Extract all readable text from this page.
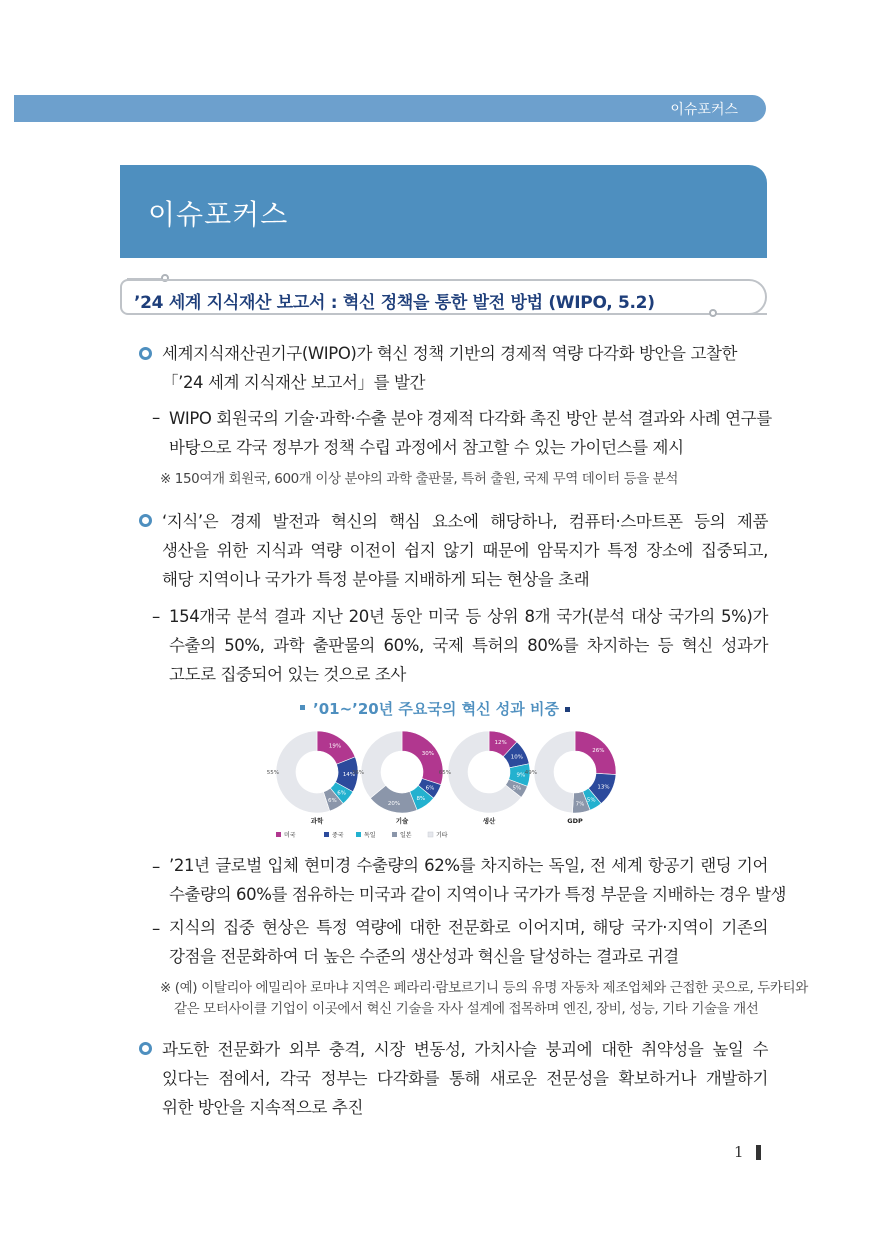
이슈포커스
이슈포커스
’24 세계 지식재산 보고서 : 혁신 정책을 통한 발전 방법 (WIPO, 5.2)
세계지식재산권기구(WIPO)가 혁신 정책 기반의 경제적 역량 다각화 방안을 고찰한
「’24 세계 지식재산 보고서」를 발간
– WIPO 회원국의 기술·과학·수출 분야 경제적 다각화 촉진 방안 분석 결과와 사례 연구를
바탕으로 각국 정부가 정책 수립 과정에서 참고할 수 있는 가이던스를 제시
※ 150여개 회원국, 600개 이상 분야의 과학 출판물, 특허 출원, 국제 무역 데이터 등을 분석
‘지식’은 경제 발전과 혁신의 핵심 요소에 해당하나, 컴퓨터·스마트폰 등의 제품
생산을 위한 지식과 역량 이전이 쉽지 않기 때문에 암묵지가 특정 장소에 집중되고,
해당 지역이나 국가가 특정 분야를 지배하게 되는 현상을 초래
– 154개국 분석 결과 지난 20년 동안 미국 등 상위 8개 국가(분석 대상 국가의 5%)가
수출의 50%, 과학 출판물의 60%, 국제 특허의 80%를 차지하는 등 혁신 성과가
고도로 집중되어 있는 것으로 조사
’01~’20년 주요국의 혁신 성과 비중
19%
14%
6%
6%
55%
과학
30%
6%
8%
20%
36%
기술
12%
10%
9%
5%
65%
생산
26%
13%
5%
7%
49%
GDP
미국	중국	독일	일본	기타
– ’21년 글로벌 입체 현미경 수출량의 62%를 차지하는 독일, 전 세계 항공기 랜딩 기어
수출량의 60%를 점유하는 미국과 같이 지역이나 국가가 특정 부문을 지배하는 경우 발생
– 지식의 집중 현상은 특정 역량에 대한 전문화로 이어지며, 해당 국가·지역이 기존의
강점을 전문화하여 더 높은 수준의 생산성과 혁신을 달성하는 결과로 귀결
※ (예) 이탈리아 에밀리아 로마냐 지역은 페라리·람보르기니 등의 유명 자동차 제조업체와 근접한 곳으로, 두카티와
같은 모터사이클 기업이 이곳에서 혁신 기술을 자사 설계에 접목하며 엔진, 장비, 성능, 기타 기술을 개선
과도한 전문화가 외부 충격, 시장 변동성, 가치사슬 붕괴에 대한 취약성을 높일 수
있다는 점에서, 각국 정부는 다각화를 통해 새로운 전문성을 확보하거나 개발하기
위한 방안을 지속적으로 추진
1
